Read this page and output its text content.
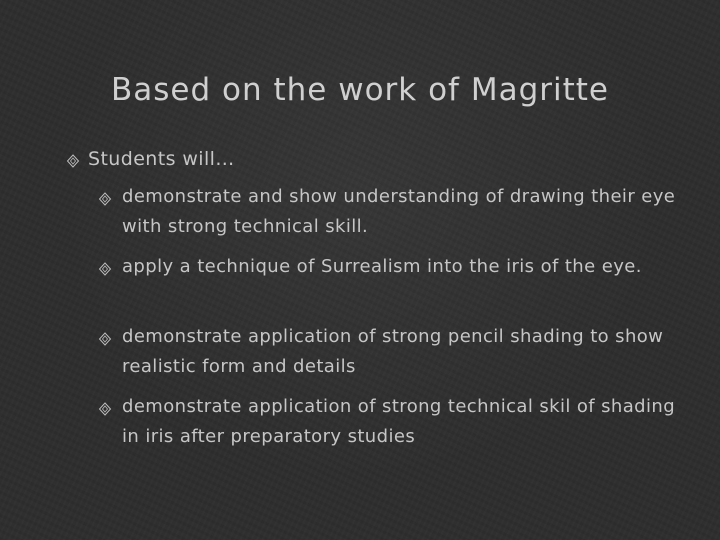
Based on the work of Magritte
Students will…
demonstrate and show understanding of drawing their eye with strong technical skill.
apply a technique of Surrealism into the iris of the eye.
demonstrate application of strong pencil shading to show realistic form and details
demonstrate application of strong technical skil of shading in iris after preparatory studies
